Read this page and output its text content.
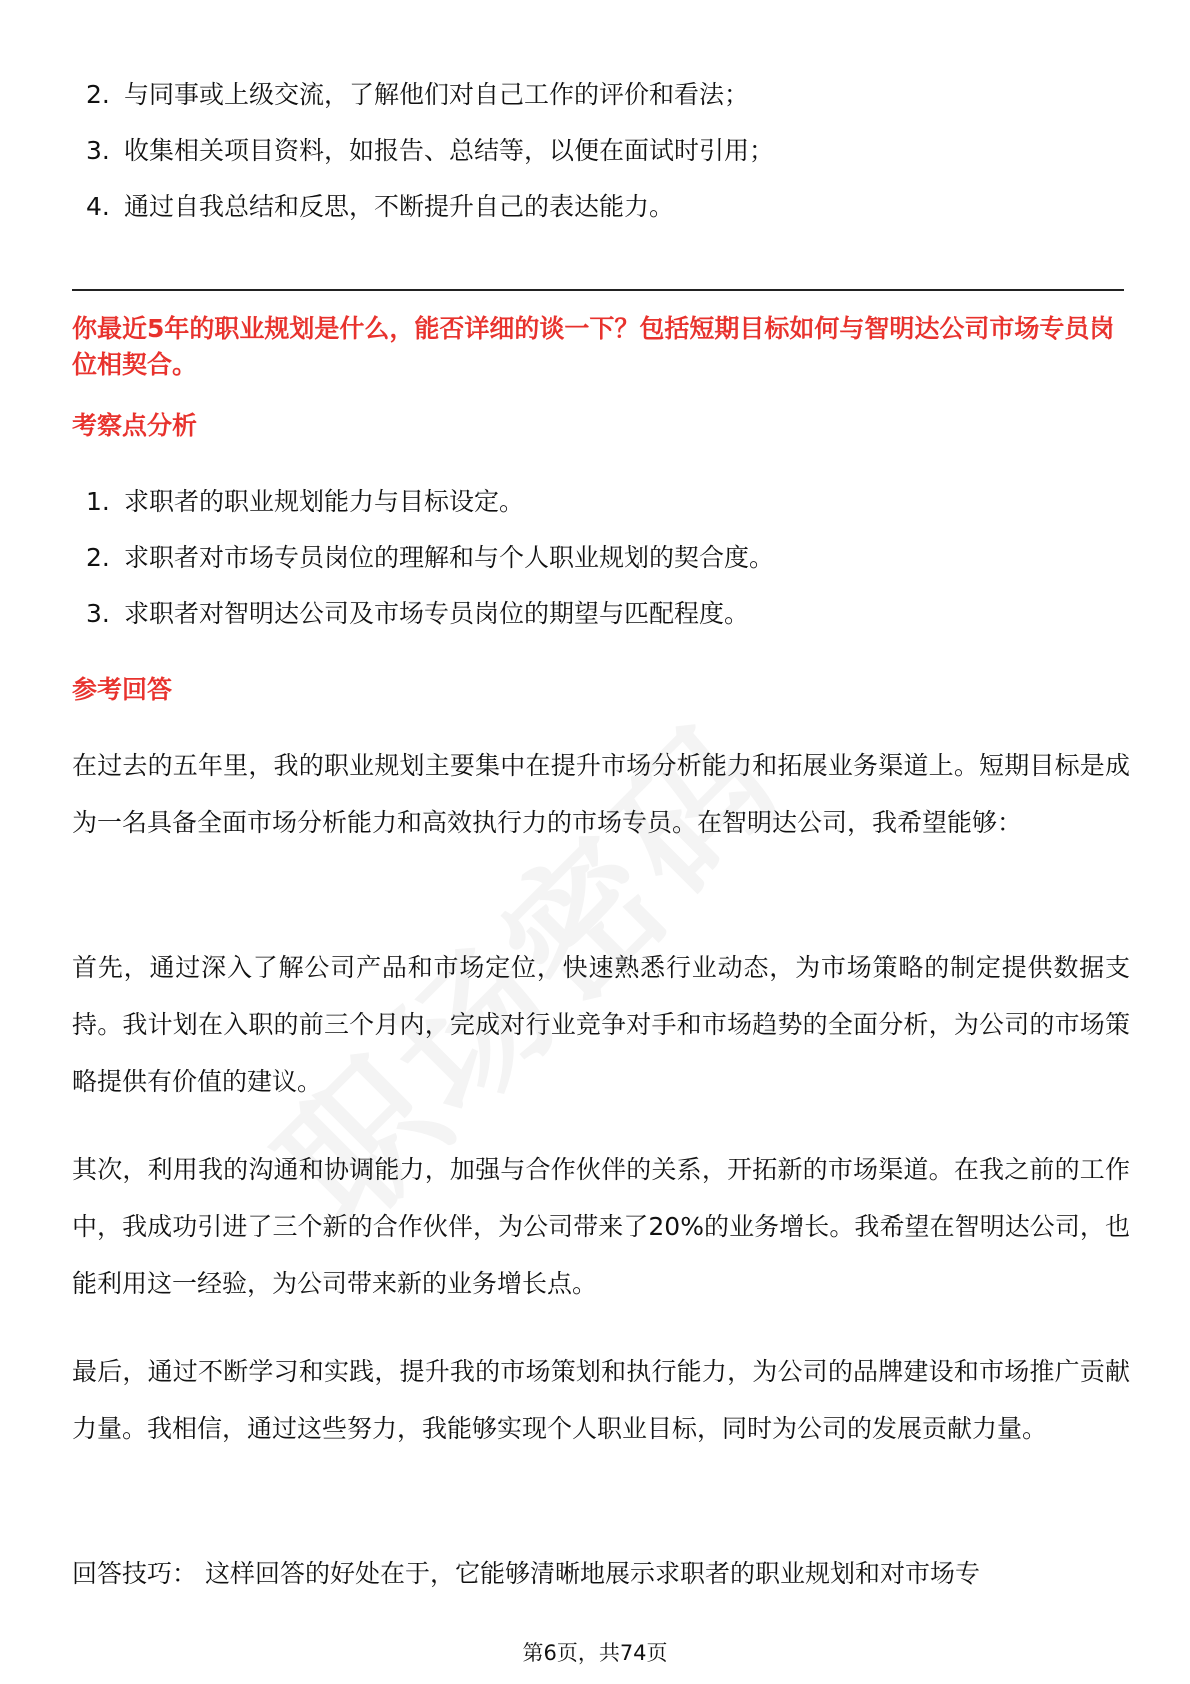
2. 与同事或上级交流，了解他们对自己工作的评价和看法；
3. 收集相关项目资料，如报告、总结等，以便在面试时引用；
4. 通过自我总结和反思，不断提升自己的表达能力。

你最近5年的职业规划是什么，能否详细的谈一下？包括短期目标如何与智明达公司市场专员岗位相契合。

考察点分析
1. 求职者的职业规划能力与目标设定。
2. 求职者对市场专员岗位的理解和与个人职业规划的契合度。
3. 求职者对智明达公司及市场专员岗位的期望与匹配程度。
参考回答

在过去的五年里，我的职业规划主要集中在提升市场分析能力和拓展业务渠道上。短期目标是成为一名具备全面市场分析能力和高效执行力的市场专员。在智明达公司，我希望能够：

首先，通过深入了解公司产品和市场定位，快速熟悉行业动态，为市场策略的制定提供数据支持。我计划在入职的前三个月内，完成对行业竞争对手和市场趋势的全面分析，为公司的市场策略提供有价值的建议。

其次，利用我的沟通和协调能力，加强与合作伙伴的关系，开拓新的市场渠道。在我之前的工作中，我成功引进了三个新的合作伙伴，为公司带来了20%的业务增长。我希望在智明达公司，也能利用这一经验，为公司带来新的业务增长点。

最后，通过不断学习和实践，提升我的市场策划和执行能力，为公司的品牌建设和市场推广贡献力量。我相信，通过这些努力，我能够实现个人职业目标，同时为公司的发展贡献力量。

回答技巧： 这样回答的好处在于，它能够清晰地展示求职者的职业规划和对市场专

第6页，共74页
